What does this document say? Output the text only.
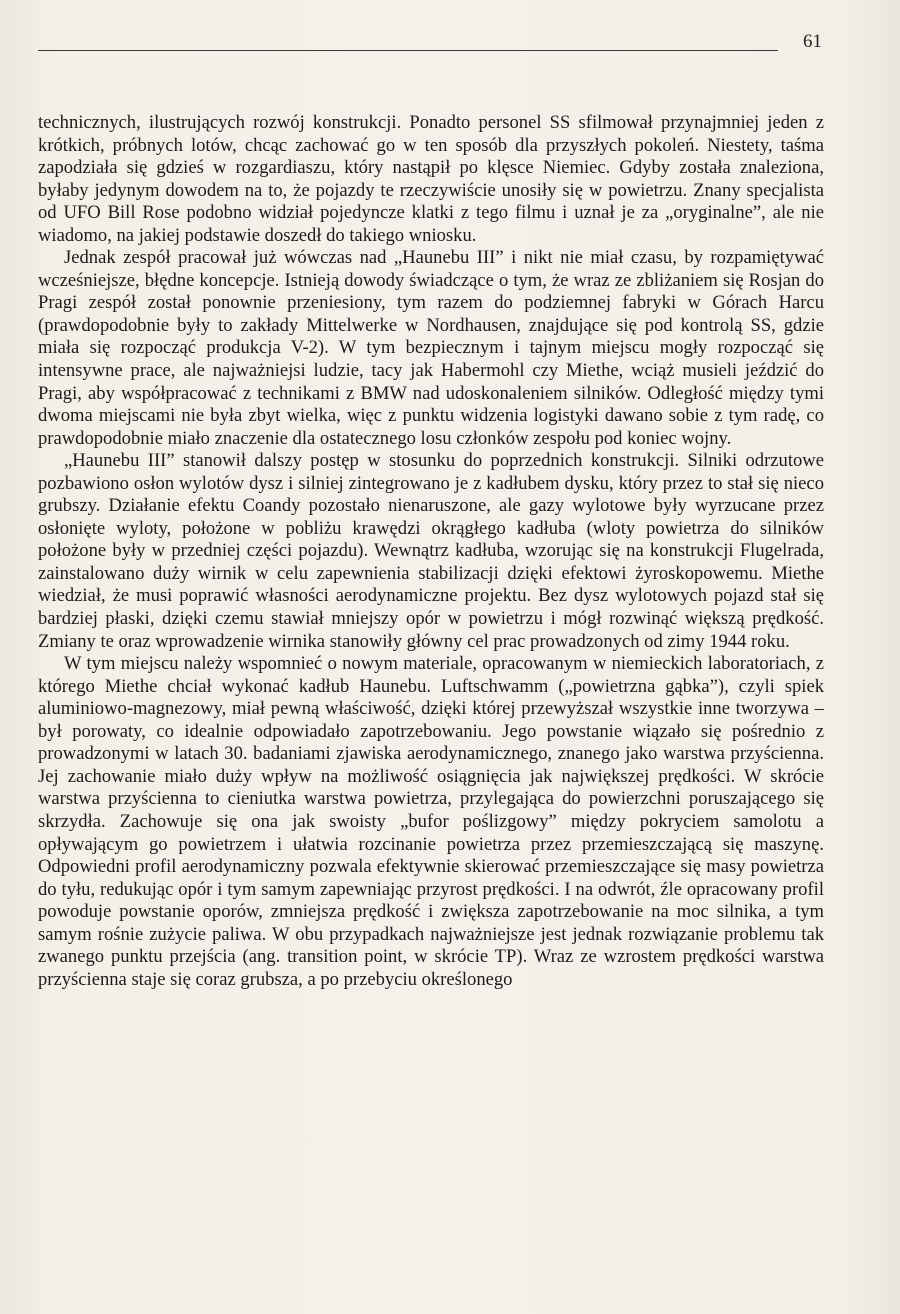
61

technicznych, ilustrujących rozwój konstrukcji. Ponadto personel SS sfilmował przynajmniej jeden z krótkich, próbnych lotów, chcąc zachować go w ten sposób dla przyszłych pokoleń. Niestety, taśma zapodziała się gdzieś w rozgardiaszu, który nastąpił po klęsce Niemiec. Gdyby została znaleziona, byłaby jedynym dowodem na to, że pojazdy te rzeczywiście unosiły się w powietrzu. Znany specjalista od UFO Bill Rose podobno widział pojedyncze klatki z tego filmu i uznał je za „oryginalne”, ale nie wiadomo, na jakiej podstawie doszedł do takiego wniosku.

Jednak zespół pracował już wówczas nad „Haunebu III” i nikt nie miał czasu, by rozpamiętywać wcześniejsze, błędne koncepcje. Istnieją dowody świadczące o tym, że wraz ze zbliżaniem się Rosjan do Pragi zespół został ponownie przeniesiony, tym razem do podziemnej fabryki w Górach Harcu (prawdopodobnie były to zakłady Mittelwerke w Nordhausen, znajdujące się pod kontrolą SS, gdzie miała się rozpocząć produkcja V-2). W tym bezpiecznym i tajnym miejscu mogły rozpocząć się intensywne prace, ale najważniejsi ludzie, tacy jak Habermohl czy Miethe, wciąż musieli jeździć do Pragi, aby współpracować z technikami z BMW nad udoskonaleniem silników. Odległość między tymi dwoma miejscami nie była zbyt wielka, więc z punktu widzenia logistyki dawano sobie z tym radę, co prawdopodobnie miało znaczenie dla ostatecznego losu członków zespołu pod koniec wojny.

„Haunebu III” stanowił dalszy postęp w stosunku do poprzednich konstrukcji. Silniki odrzutowe pozbawiono osłon wylotów dysz i silniej zintegrowano je z kadłubem dysku, który przez to stał się nieco grubszy. Działanie efektu Coandy pozostało nienaruszone, ale gazy wylotowe były wyrzucane przez osłonięte wyloty, położone w pobliżu krawędzi okrągłego kadłuba (wloty powietrza do silników położone były w przedniej części pojazdu). Wewnątrz kadłuba, wzorując się na konstrukcji Flugelrada, zainstalowano duży wirnik w celu zapewnienia stabilizacji dzięki efektowi żyroskopowemu. Miethe wiedział, że musi poprawić własności aerodynamiczne projektu. Bez dysz wylotowych pojazd stał się bardziej płaski, dzięki czemu stawiał mniejszy opór w powietrzu i mógł rozwinąć większą prędkość. Zmiany te oraz wprowadzenie wirnika stanowiły główny cel prac prowadzonych od zimy 1944 roku.

W tym miejscu należy wspomnieć o nowym materiale, opracowanym w niemieckich laboratoriach, z którego Miethe chciał wykonać kadłub Haunebu. Luftschwamm („powietrzna gąbka”), czyli spiek aluminiowo-magnezowy, miał pewną właściwość, dzięki której przewyższał wszystkie inne tworzywa – był porowaty, co idealnie odpowiadało zapotrzebowaniu. Jego powstanie wiązało się pośrednio z prowadzonymi w latach 30. badaniami zjawiska aerodynamicznego, znanego jako warstwa przyścienna. Jej zachowanie miało duży wpływ na możliwość osiągnięcia jak największej prędkości. W skrócie warstwa przyścienna to cieniutka warstwa powietrza, przylegająca do powierzchni poruszającego się skrzydła. Zachowuje się ona jak swoisty „bufor poślizgowy” między pokryciem samolotu a opływającym go powietrzem i ułatwia rozcinanie powietrza przez przemieszczającą się maszynę. Odpowiedni profil aerodynamiczny pozwala efektywnie skierować przemieszczające się masy powietrza do tyłu, redukując opór i tym samym zapewniając przyrost prędkości. I na odwrót, źle opracowany profil powoduje powstanie oporów, zmniejsza prędkość i zwiększa zapotrzebowanie na moc silnika, a tym samym rośnie zużycie paliwa. W obu przypadkach najważniejsze jest jednak rozwiązanie problemu tak zwanego punktu przejścia (ang. transition point, w skrócie TP). Wraz ze wzrostem prędkości warstwa przyścienna staje się coraz grubsza, a po przebyciu określonego
